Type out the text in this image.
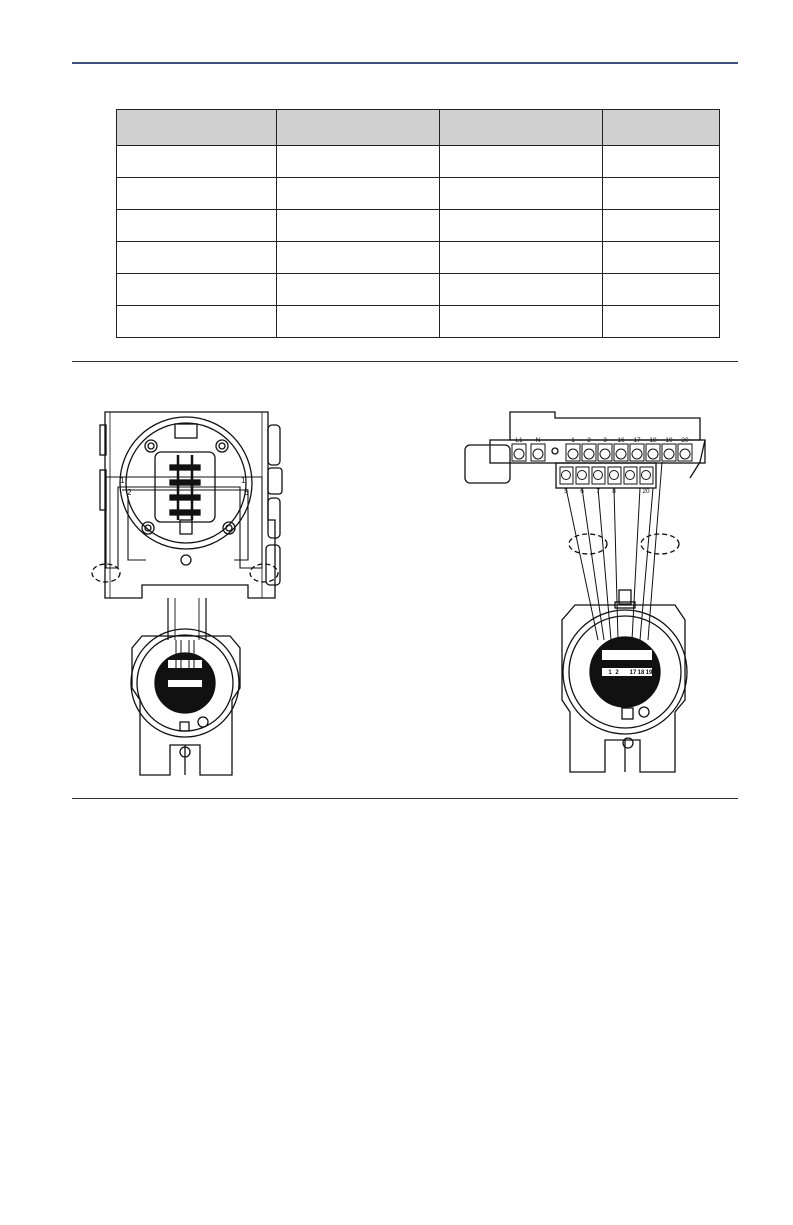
1
2
1
6
L1 N	1 2 3 16 17 18 19 20
5 6 7 8	20
1 2 17 18 19
